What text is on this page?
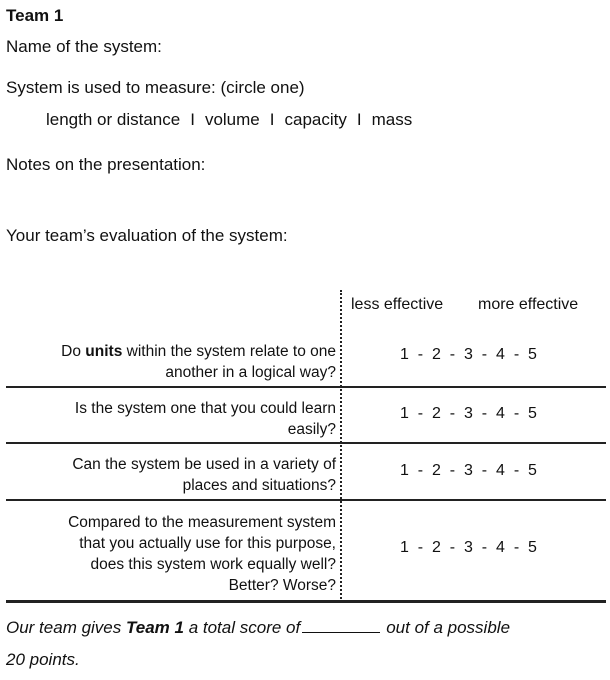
Team 1
Name of the system:
System is used to measure: (circle one)
length or distance I volume I capacity I mass
Notes on the presentation:
Your team’s evaluation of the system:
less effective more effective
Do units within the system relate to one
another in a logical way?
1  -  2  -  3  -  4  -  5
Is the system one that you could learn
easily?
1  -  2  -  3  -  4  -  5
Can the system be used in a variety of
places and situations?
1  -  2  -  3  -  4  -  5
Compared to the measurement system
that you actually use for this purpose,
does this system work equally well?
Better? Worse?
1  -  2  -  3  -  4  -  5
Our team gives Team 1 a total score of	out of a possible
20 points.
